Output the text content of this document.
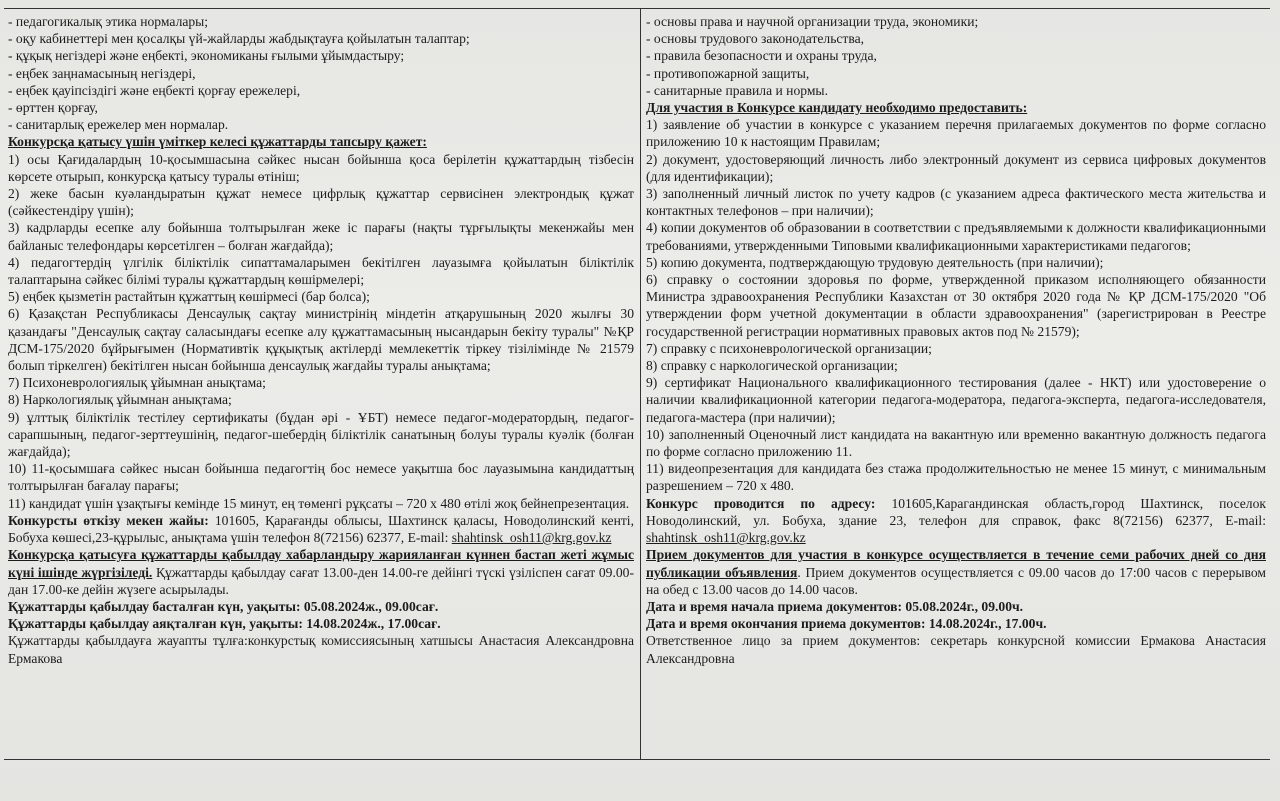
- педагогикалық этика нормалары;

- оқу кабинеттері мен қосалқы үй-жайларды жабдықтауға қойылатын талаптар;

- құқық негіздері және еңбекті, экономиканы ғылыми ұйымдастыру;

- еңбек заңнамасының негіздері,

- еңбек қауіпсіздігі және еңбекті қорғау ережелері,

- өрттен қорғау,

- санитарлық ережелер мен нормалар.

Конкурсқа қатысу үшін үміткер келесі құжаттарды тапсыру қажет:

1) осы Қағидалардың 10-қосымшасына сәйкес нысан бойынша қоса берілетін құжаттардың тізбесін көрсете отырып, конкурсқа қатысу туралы өтініш;

2) жеке басын куәландыратын құжат немесе цифрлық құжаттар сервисінен электрондық құжат (сәйкестендіру үшін);

3) кадрларды есепке алу бойынша толтырылған жеке іс парағы (нақты тұрғылықты мекенжайы мен байланыс телефондары көрсетілген – болған жағдайда);

4) педагогтердің үлгілік біліктілік сипаттамаларымен бекітілген лауазымға қойылатын біліктілік талаптарына сәйкес білімі туралы құжаттардың көшірмелері;

5) еңбек қызметін растайтын құжаттың көшірмесі (бар болса);

6) Қазақстан Республикасы Денсаулық сақтау министрінің міндетін атқарушының 2020 жылғы 30 қазандағы "Денсаулық сақтау саласындағы есепке алу құжаттамасының нысандарын бекіту туралы" №ҚР ДСМ-175/2020 бұйрығымен (Нормативтік құқықтық актілерді мемлекеттік тіркеу тізілімінде № 21579 болып тіркелген) бекітілген нысан бойынша денсаулық жағдайы туралы анықтама;

7) Психоневрологиялық ұйымнан анықтама;

8) Наркологиялық ұйымнан анықтама;

9) ұлттық біліктілік тестілеу сертификаты (бұдан әрі - ҰБТ) немесе педагог-модератордың, педагог-сарапшының, педагог-зерттеушінің, педагог-шебердің біліктілік санатының болуы туралы куәлік (болған жағдайда);

10) 11-қосымшаға сәйкес нысан бойынша педагогтің бос немесе уақытша бос лауазымына кандидаттың толтырылған бағалау парағы;

11) кандидат үшін ұзақтығы кемінде 15 минут, ең төменгі рұқсаты – 720 х 480 өтілі жоқ бейнепрезентация.

Конкурсты өткізу мекен жайы: 101605, Қарағанды облысы, Шахтинск қаласы, Новодолинский кенті, Бобуха көшесі,23-құрылыс, анықтама үшін телефон 8(72156) 62377, E-mail: shahtinsk_osh11@krg.gov.kz

Конкурсқа қатысуға құжаттарды қабылдау хабарландыру жарияланған күннен бастап жеті жұмыс күні ішінде жүргізіледі. Құжаттарды қабылдау сағат 13.00-ден 14.00-ге дейінгі түскі үзіліспен сағат 09.00-дан 17.00-ке дейін жүзеге асырылады.

Құжаттарды қабылдау басталған күн, уақыты: 05.08.2024ж., 09.00сағ.

Құжаттарды қабылдау аяқталған күн, уақыты: 14.08.2024ж., 17.00сағ.

Құжаттарды қабылдауға жауапты тұлға:конкурстық комиссиясының хатшысы Анастасия Александровна Ермакова

- основы права и научной организации труда, экономики;

- основы трудового законодательства,

- правила безопасности и охраны труда,

- противопожарной защиты,

- санитарные правила и нормы.

Для участия в Конкурсе кандидату необходимо предоставить:

1) заявление об участии в конкурсе с указанием перечня прилагаемых документов по форме согласно приложению 10 к настоящим Правилам;

2) документ, удостоверяющий личность либо электронный документ из сервиса цифровых документов (для идентификации);

3) заполненный личный листок по учету кадров (с указанием адреса фактического места жительства и контактных телефонов – при наличии);

4) копии документов об образовании в соответствии с предъявляемыми к должности квалификационными требованиями, утвержденными Типовыми квалификационными характеристиками педагогов;

5) копию документа, подтверждающую трудовую деятельность (при наличии);

6) справку о состоянии здоровья по форме, утвержденной приказом исполняющего обязанности Министра здравоохранения Республики Казахстан от 30 октября 2020 года № ҚР ДСМ-175/2020 "Об утверждении форм учетной документации в области здравоохранения" (зарегистрирован в Реестре государственной регистрации нормативных правовых актов под № 21579);

7) справку с психоневрологической организации;

8) справку с наркологической организации;

9) сертификат Национального квалификационного тестирования (далее - НКТ) или удостоверение о наличии квалификационной категории педагога-модератора, педагога-эксперта, педагога-исследователя, педагога-мастера (при наличии);

10) заполненный Оценочный лист кандидата на вакантную или временно вакантную должность педагога по форме согласно приложению 11.

11) видеопрезентация для кандидата без стажа продолжительностью не менее 15 минут, с минимальным разрешением – 720 х 480.

Конкурс проводится по адресу: 101605,Карагандинская область,город Шахтинск, поселок Новодолинский, ул. Бобуха, здание 23, телефон для справок, факс 8(72156) 62377, E-mail: shahtinsk_osh11@krg.gov.kz

Прием документов для участия в конкурсе осуществляется в течение семи рабочих дней со дня публикации объявления. Прием документов осуществляется с 09.00 часов до 17:00 часов с перерывом на обед с 13.00 часов до 14.00 часов.

Дата и время начала приема документов: 05.08.2024г., 09.00ч.

Дата и время окончания приема документов: 14.08.2024г., 17.00ч.

Ответственное лицо за прием документов: секретарь конкурсной комиссии Ермакова Анастасия Александровна
